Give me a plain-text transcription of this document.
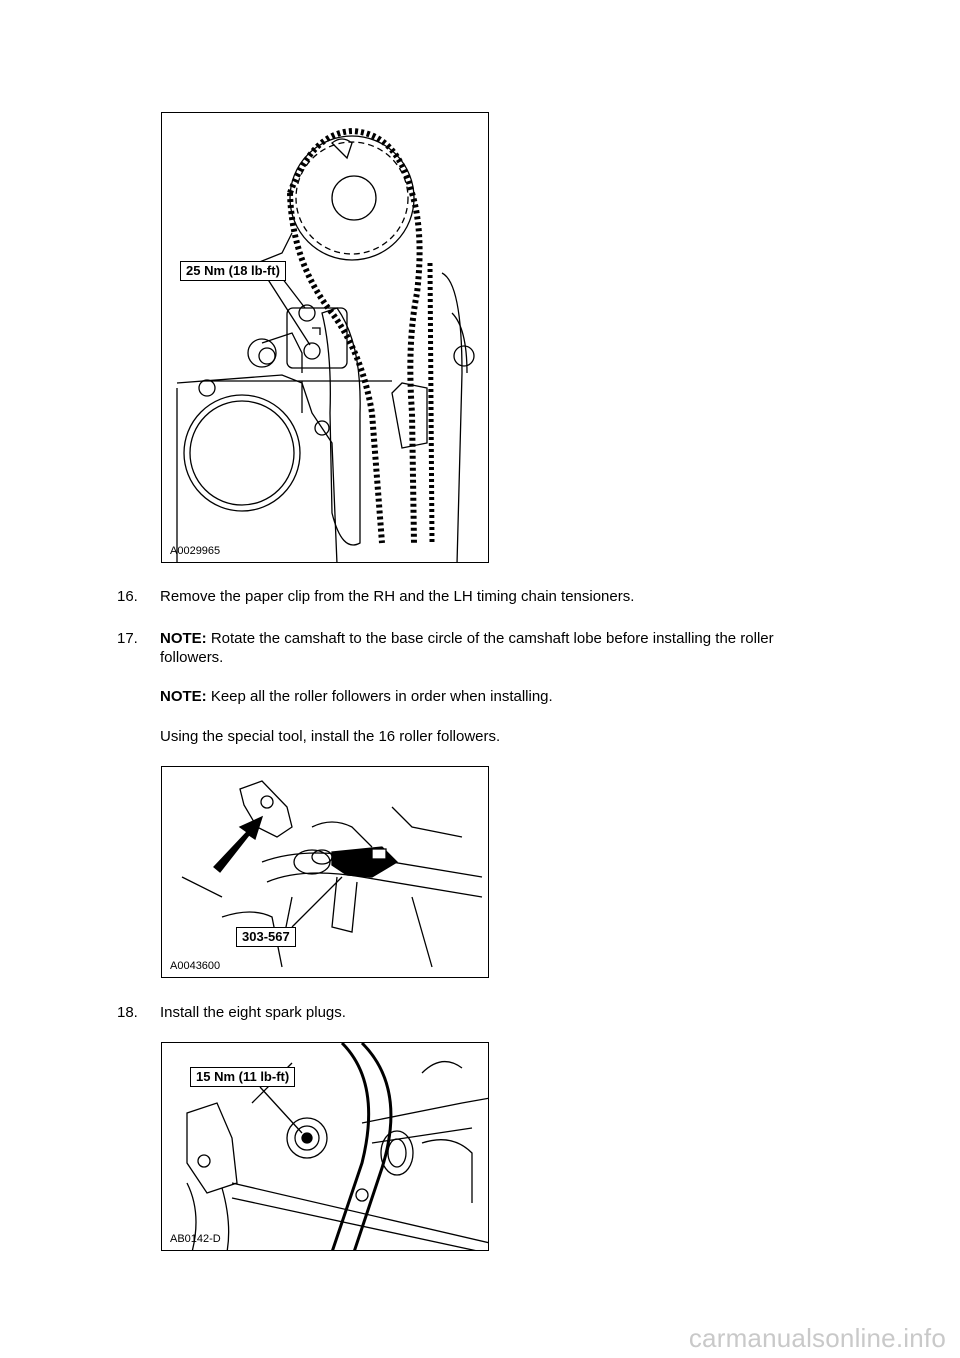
25 Nm (18 lb-ft)
A0029965
16. Remove the paper clip from the RH and the LH timing chain tensioners.
17. NOTE: Rotate the camshaft to the base circle of the camshaft lobe before installing the roller followers.
NOTE: Keep all the roller followers in order when installing.
Using the special tool, install the 16 roller followers.
303-567
A0043600
18. Install the eight spark plugs.
15 Nm (11 lb-ft)
AB0142-D
carmanualsonline.info
